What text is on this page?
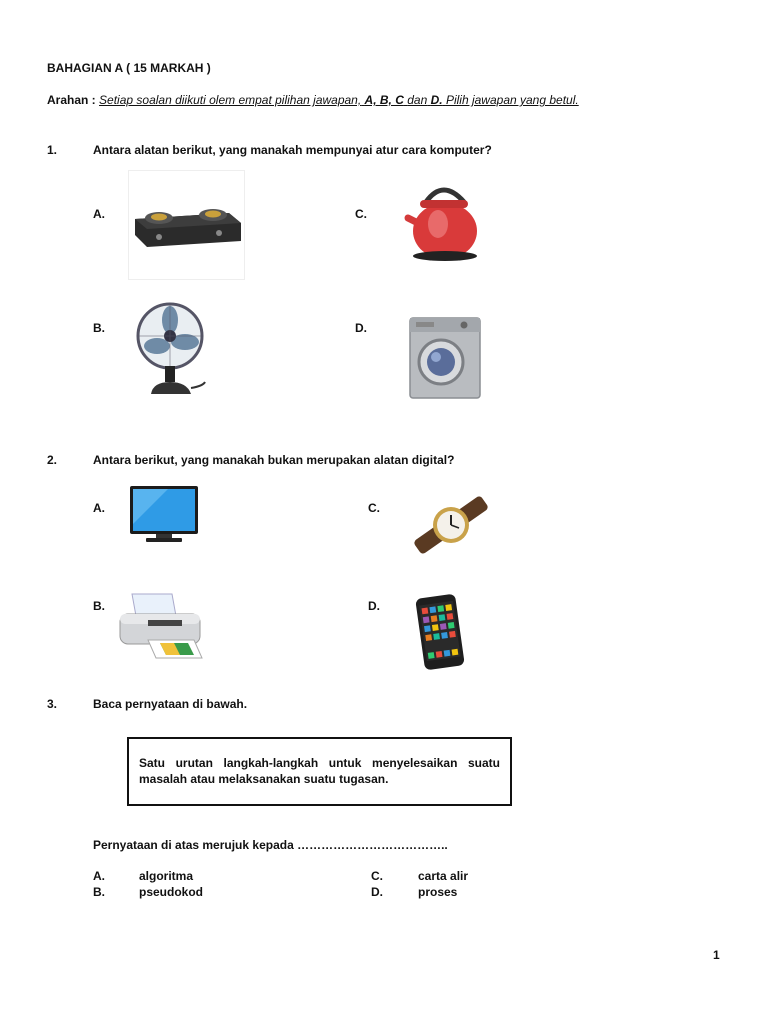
BAHAGIAN A ( 15 MARKAH )
Arahan : Setiap soalan diikuti olem empat pilihan jawapan, A, B, C dan D. Pilih jawapan yang betul.
1.	Antara alatan berikut, yang manakah mempunyai atur cara komputer?
A.	C.
B.	D.
2.	Antara berikut, yang manakah bukan merupakan alatan digital?
A.	C.
B.	D.
3.	Baca pernyataan di bawah.
Satu urutan langkah-langkah untuk menyelesaikan suatu
masalah atau melaksanakan suatu tugasan.
Pernyataan di atas merujuk kepada ………………………………..
A.	algoritma	C.	carta alir
B.	pseudokod	D.	proses
1
